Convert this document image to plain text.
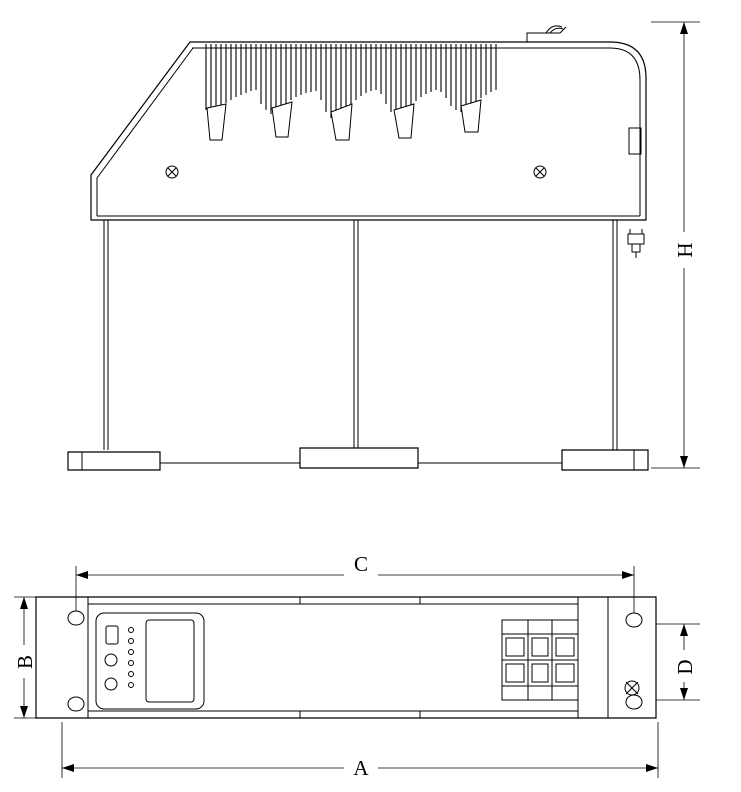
H
C
B	D
A
